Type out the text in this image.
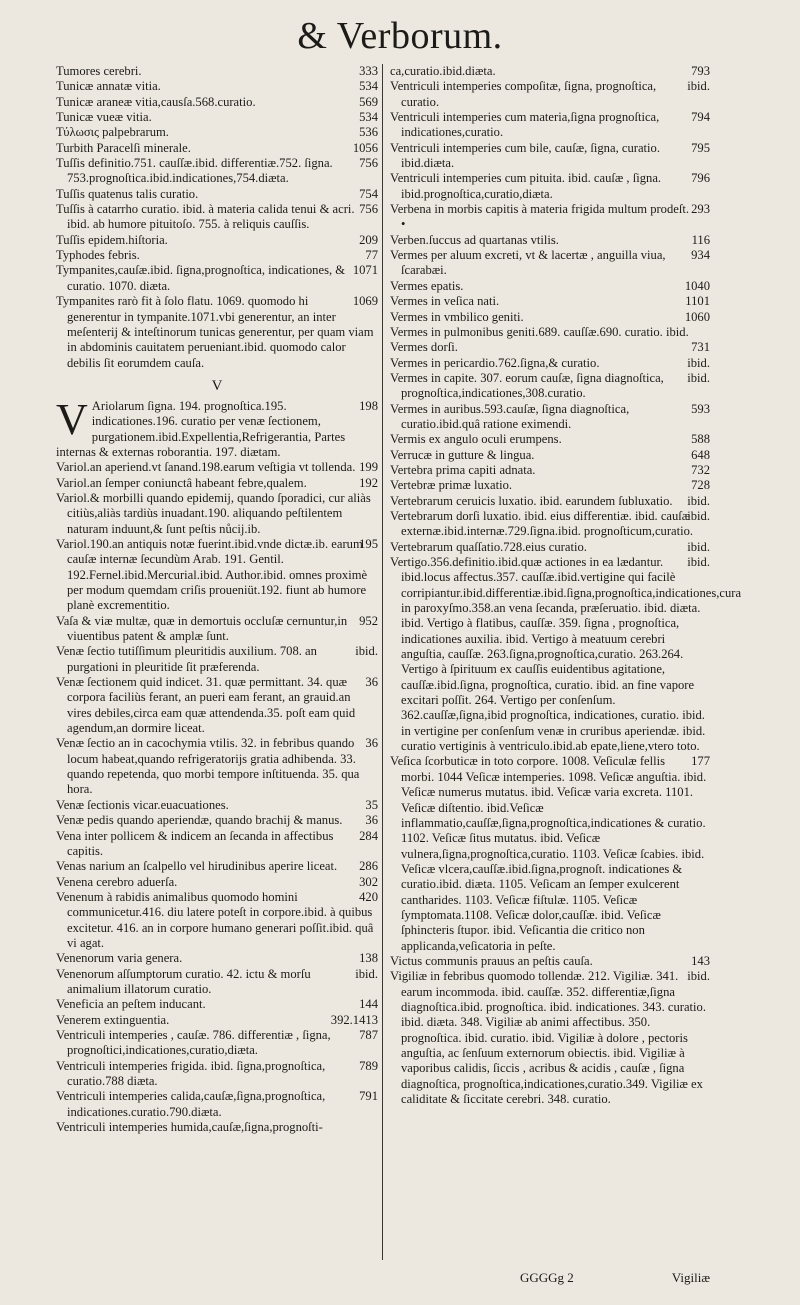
& Verborum.
333
Tumores cerebri.
534
Tunicæ annatæ vitia.
569
Tunicæ araneæ vitia,causſa.568.curatio.
534
Tunicæ vueæ vitia.
536
Τύλωσις palpebrarum.
1056
Turbith Paracelſi minerale.
756
Tuſſis definitio.751. cauſſæ.ibid. differentiæ.752. ſigna. 753.prognoſtica.ibid.indicationes,754.diæta.
754
Tuſſis quatenus talis curatio.
756
Tuſſis à catarrho curatio. ibid. à materia calida tenui & acri. ibid. ab humore pituitoſo. 755. à reliquis cauſſis.
209
Tuſſis epidem.hiſtoria.
77
Typhodes febris.
1071
Tympanites,cauſæ.ibid. ſigna,prognoſtica, indicationes, & curatio. 1070. diæta.
1069
Tympanites rarò fit à ſolo flatu. 1069. quomodo hi generentur in tympanite.1071.vbi generentur, an inter meſenterij & inteſtinorum tunicas generentur, per quam viam in abdominis cauitatem perueniant.ibid. quomodo calor debilis ſit eorumdem cauſa.
V
V	198
Ariolarum ſigna. 194. prognoſtica.195. indicationes.196. curatio per venæ ſectionem, purgationem.ibid.Expellentia,Refrigerantia, Partes internas & externas roborantia. 197. diætam.
199
Variol.an aperiend.vt ſanand.198.earum veſtigia vt tollenda.
192
Variol.an ſemper coniunctâ habeant febre,qualem.
Variol.& morbilli quando epidemij, quando ſporadici, cur aliàs citiùs,aliàs tardiùs inuadant.190. aliquando peſtilentem naturam induunt,& ſunt peſtis nůcij.ib.
195
Variol.190.an antiquis notæ fuerint.ibid.vnde dictæ.ib. earum cauſæ internæ ſecundùm Arab. 191. Gentil. 192.Fernel.ibid.Mercurial.ibid. Author.ibid. omnes proximè per modum quemdam criſis proueniüt.192. fiunt ab humore planè excrementitio.
952
Vaſa & viæ multæ, quæ in demortuis occluſæ cernuntur,in viuentibus patent & amplæ ſunt.
ibid.
Venæ ſectio tutiſſimum pleuritidis auxilium. 708. an purgationi in pleuritide ſit præferenda.
36
Venæ ſectionem quid indicet. 31. quæ permittant. 34. quæ corpora faciliùs ferant, an pueri eam ferant, an grauid.an vires debiles,circa eam quæ attendenda.35. poſt eam quid agendum,an dormire liceat.
36
Venæ ſectio an in cacochymia vtilis. 32. in febribus quando locum habeat,quando refrigeratorijs gratia adhibenda. 33. quando repetenda, quo morbi tempore inſtituenda. 35. qua hora.
35
Venæ ſectionis vicar.euacuationes.
36
Venæ pedis quando aperiendæ, quando brachij & manus.
284
Vena inter pollicem & indicem an ſecanda in affectibus capitis.
286
Venas narium an ſcalpello vel hirudinibus aperire liceat.
302
Venena cerebro aduerſa.
420
Venenum à rabidis animalibus quomodo homini communicetur.416. diu latere poteſt in corpore.ibid. à quibus excitetur. 416. an in corpore humano generari poſſit.ibid. quâ vi agat.
138
Venenorum varia genera.
ibid.
Venenorum aſſumptorum curatio. 42. ictu & morſu animalium illatorum curatio.
144
Veneficia an peſtem inducant.
392.1413
Venerem extinguentia.
787
Ventriculi intemperies , cauſæ. 786. differentiæ , ſigna, prognoſtici,indicationes,curatio,diæta.
789
Ventriculi intemperies frigida. ibid. ſigna,prognoſtica, curatio.788 diæta.
791
Ventriculi intemperies calida,cauſæ,ſigna,prognoſtica, indicationes.curatio.790.diæta.
Ventriculi intemperies humida,cauſæ,ſigna,prognoſti-
793
ca,curatio.ibid.diæta.
ibid.
Ventriculi intemperies compoſitæ, ſigna, prognoſtica, curatio.
794
Ventriculi intemperies cum materia,ſigna prognoſtica, indicationes,curatio.
795
Ventriculi intemperies cum bile, cauſæ, ſigna, curatio. ibid.diæta.
796
Ventriculi intemperies cum pituita. ibid. cauſæ , ſigna. ibid.prognoſtica,curatio,diæta.
293
Verbena in morbis capitis à materia frigida multum prodeſt. •
116
Verben.ſuccus ad quartanas vtilis.
934
Vermes per aluum excreti, vt & lacertæ , anguilla viua, ſcarabæi.
1040
Vermes epatis.
1101
Vermes in veſica nati.
1060
Vermes in vmbilico geniti.
Vermes in pulmonibus geniti.689. cauſſæ.690. curatio. ibid.
731
Vermes dorſi.
ibid.
Vermes in pericardio.762.ſigna,& curatio.
ibid.
Vermes in capite. 307. eorum cauſæ, ſigna diagnoſtica, prognoſtica,indicationes,308.curatio.
593
Vermes in auribus.593.cauſæ, ſigna diagnoſtica, curatio.ibid.quâ ratione eximendi.
588
Vermis ex angulo oculi erumpens.
648
Verrucæ in gutture & lingua.
732
Vertebra prima capiti adnata.
728
Vertebræ primæ luxatio.
ibid.
Vertebrarum ceruicis luxatio. ibid. earundem ſubluxatio.
ibid.
Vertebrarum dorſi luxatio. ibid. eius differentiæ. ibid. cauſæ externæ.ibid.internæ.729.ſigna.ibid. prognoſticum,curatio.
ibid.
Vertebrarum quaſſatio.728.eius curatio.
ibid.
Vertigo.356.definitio.ibid.quæ actiones in ea lædantur. ibid.locus affectus.357. cauſſæ.ibid.vertigine qui facilè corripiantur.ibid.differentiæ.ibid.ſigna,prognoſtica,indicationes,cura in paroxyſmo.358.an vena ſecanda, præſeruatio. ibid. diæta. ibid. Vertigo à flatibus, cauſſæ. 359. ſigna , prognoſtica, indicationes auxilia. ibid. Vertigo à meatuum cerebri anguſtia, cauſſæ. 263.ſigna,prognoſtica,curatio. 263.264. Vertigo à ſpirituum ex cauſſis euidentibus agitatione, cauſſæ.ibid.ſigna, prognoſtica, curatio. ibid. an fine vapore excitari poſſit. 264. Vertigo per conſenſum. 362.cauſſæ,ſigna,ibid prognoſtica, indicationes, curatio. ibid. in vertigine per conſenſum venæ in cruribus aperiendæ. ibid. curatio vertiginis à ventriculo.ibid.ab epate,liene,vtero toto.
177
Veſica ſcorbuticæ in toto corpore. 1008. Veſiculæ fellis morbi. 1044 Veſicæ intemperies. 1098. Veſicæ anguſtia. ibid. Veſicæ numerus mutatus. ibid. Veſicæ varia excreta. 1101. Veſicæ diſtentio. ibid.Veſicæ inflammatio,cauſſæ,ſigna,prognoſtica,indicationes & curatio. 1102. Veſicæ ſitus mutatus. ibid. Veſicæ vulnera,ſigna,prognoſtica,curatio. 1103. Veſicæ ſcabies. ibid. Veſicæ vlcera,cauſſæ.ibid.ſigna,prognoſt. indicationes & curatio.ibid. diæta. 1105. Veſicam an ſemper exulcerent cantharides. 1103. Veſicæ fiſtulæ. 1105. Veſicæ ſymptomata.1108. Veſicæ dolor,cauſſæ. ibid. Veſicæ ſphincteris ſtupor. ibid. Veſicantia die critico non applicanda,veſicatoria in peſte.
143
Victus communis prauus an peſtis cauſa.
ibid.
Vigiliæ in febribus quomodo tollendæ. 212. Vigiliæ. 341. earum incommoda. ibid. cauſſæ. 352. differentiæ,ſigna diagnoſtica.ibid. prognoſtica. ibid. indicationes. 343. curatio. ibid. diæta. 348. Vigiliæ ab animi affectibus. 350. prognoſtica. ibid. curatio. ibid. Vigiliæ à dolore , pectoris anguſtia, ac ſenſuum externorum obiectis. ibid. Vigiliæ à vaporibus calidis, ſiccis , acribus & acidis , cauſæ , ſigna diagnoſtica, prognoſtica,indicationes,curatio.349. Vigiliæ ex caliditate & ſiccitate cerebri. 348. curatio.
GGGGg 2	Vigiliæ
